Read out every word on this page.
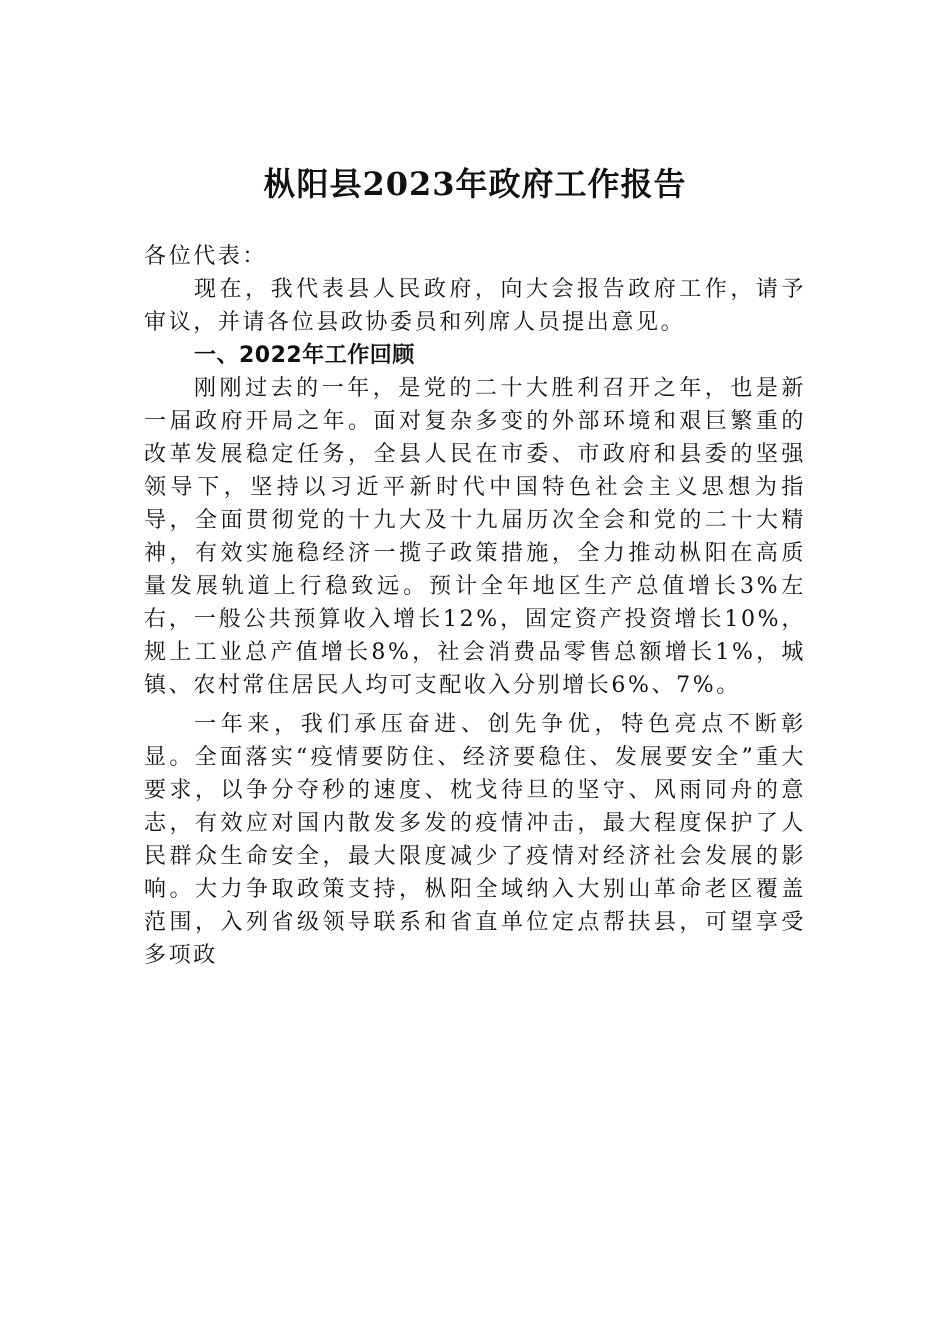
枞阳县2023年政府工作报告

各位代表：

现在，我代表县人民政府，向大会报告政府工作，请予审议，并请各位县政协委员和列席人员提出意见。

一、2022年工作回顾

刚刚过去的一年，是党的二十大胜利召开之年，也是新一届政府开局之年。面对复杂多变的外部环境和艰巨繁重的改革发展稳定任务，全县人民在市委、市政府和县委的坚强领导下，坚持以习近平新时代中国特色社会主义思想为指导，全面贯彻党的十九大及十九届历次全会和党的二十大精神，有效实施稳经济一揽子政策措施，全力推动枞阳在高质量发展轨道上行稳致远。预计全年地区生产总值增长3%左右，一般公共预算收入增长12%，固定资产投资增长10%，规上工业总产值增长8%，社会消费品零售总额增长1%，城镇、农村常住居民人均可支配收入分别增长6%、7%。

一年来，我们承压奋进、创先争优，特色亮点不断彰显。全面落实“疫情要防住、经济要稳住、发展要安全”重大要求，以争分夺秒的速度、枕戈待旦的坚守、风雨同舟的意志，有效应对国内散发多发的疫情冲击，最大程度保护了人民群众生命安全，最大限度减少了疫情对经济社会发展的影响。大力争取政策支持，枞阳全域纳入大别山革命老区覆盖范围，入列省级领导联系和省直单位定点帮扶县，可望享受多项政
